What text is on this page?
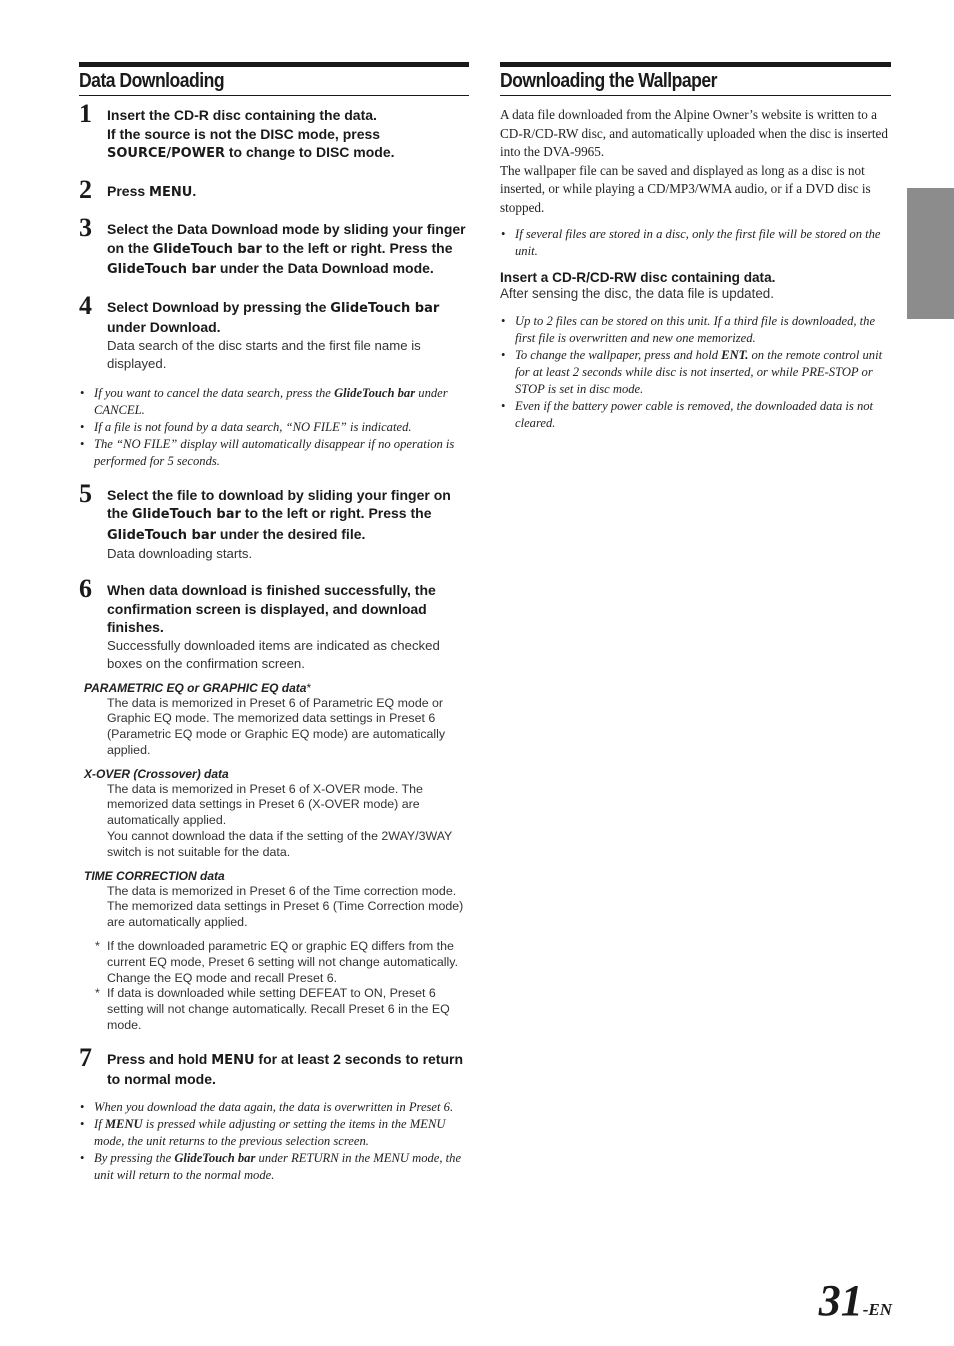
Data Downloading
1 Insert the CD-R disc containing the data.
If the source is not the DISC mode, press
SOURCE/POWER to change to DISC mode.
2 Press MENU.
3 Select the Data Download mode by sliding your finger on the GlideTouch bar to the left or right. Press the GlideTouch bar under the Data Download mode.
4 Select Download by pressing the GlideTouch bar under Download.
Data search of the disc starts and the first file name is displayed.
• If you want to cancel the data search, press the GlideTouch bar under CANCEL.
• If a file is not found by a data search, “NO FILE” is indicated.
• The “NO FILE” display will automatically disappear if no operation is performed for 5 seconds.
5 Select the file to download by sliding your finger on the GlideTouch bar to the left or right. Press the GlideTouch bar under the desired file.
Data downloading starts.
6 When data download is finished successfully, the confirmation screen is displayed, and download finishes.
Successfully downloaded items are indicated as checked boxes on the confirmation screen.
PARAMETRIC EQ or GRAPHIC EQ data*
The data is memorized in Preset 6 of Parametric EQ mode or Graphic EQ mode. The memorized data settings in Preset 6 (Parametric EQ mode or Graphic EQ mode) are automatically applied.
X-OVER (Crossover) data
The data is memorized in Preset 6 of X-OVER mode. The memorized data settings in Preset 6 (X-OVER mode) are automatically applied.
You cannot download the data if the setting of the 2WAY/3WAY switch is not suitable for the data.
TIME CORRECTION data
The data is memorized in Preset 6 of the Time correction mode. The memorized data settings in Preset 6 (Time Correction mode) are automatically applied.
* If the downloaded parametric EQ or graphic EQ differs from the current EQ mode, Preset 6 setting will not change automatically. Change the EQ mode and recall Preset 6.
* If data is downloaded while setting DEFEAT to ON, Preset 6 setting will not change automatically. Recall Preset 6 in the EQ mode.
7 Press and hold MENU for at least 2 seconds to return to normal mode.
• When you download the data again, the data is overwritten in Preset 6.
• If MENU is pressed while adjusting or setting the items in the MENU mode, the unit returns to the previous selection screen.
• By pressing the GlideTouch bar under RETURN in the MENU mode, the unit will return to the normal mode.
Downloading the Wallpaper
A data file downloaded from the Alpine Owner’s website is written to a CD-R/CD-RW disc, and automatically uploaded when the disc is inserted into the DVA-9965.
The wallpaper file can be saved and displayed as long as a disc is not inserted, or while playing a CD/MP3/WMA audio, or if a DVD disc is stopped.
• If several files are stored in a disc, only the first file will be stored on the unit.
Insert a CD-R/CD-RW disc containing data.
After sensing the disc, the data file is updated.
• Up to 2 files can be stored on this unit. If a third file is downloaded, the first file is overwritten and new one memorized.
• To change the wallpaper, press and hold ENT. on the remote control unit for at least 2 seconds while disc is not inserted, or while PRE-STOP or STOP is set in disc mode.
• Even if the battery power cable is removed, the downloaded data is not cleared.
31-EN
